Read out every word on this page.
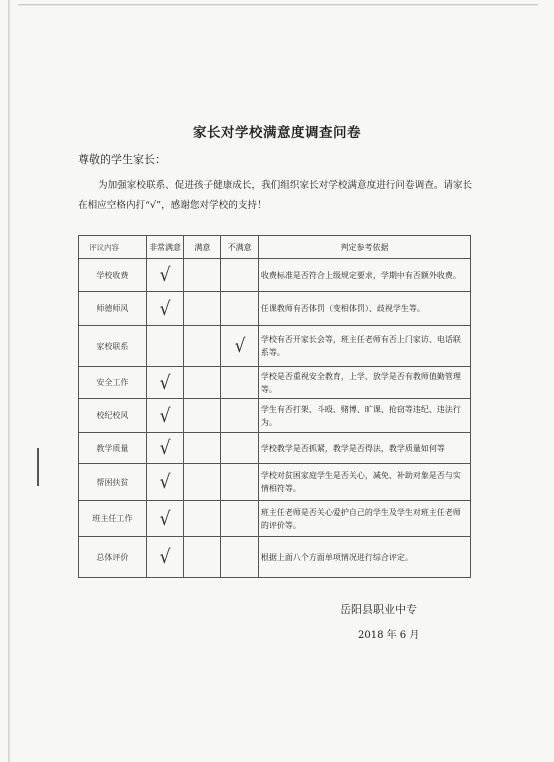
家长对学校满意度调查问卷
尊敬的学生家长：
为加强家校联系、促进孩子健康成长，我们组织家长对学校满意度进行问卷调查。请家长在相应空格内打“√”，感谢您对学校的支持！
评议内容	非常满意	满意	不满意	判定参考依据
学校收费	√			收费标准是否符合上级规定要求，学期中有否额外收费。
师德师风	√			任课教师有否体罚（变相体罚）、歧视学生等。
家校联系			√	学校有否开家长会等，班主任老师有否上门家访、电话联系等。
安全工作	√			学校是否重视安全教育，上学、放学是否有教师值勤管理等。
校纪校风	√			学生有否打架、斗殴、赌博、旷课、抢窃等违纪、违法行为。
教学质量	√			学校教学是否抓紧，教学是否得法，教学质量如何等
帮困扶贫	√			学校对贫困家庭学生是否关心，减免、补助对象是否与实情相符等。
班主任工作	√			班主任老师是否关心爱护自己的学生及学生对班主任老师的评价等。
总体评价	√			根据上面八个方面单项情况进行综合评定。
岳阳县职业中专
2018 年 6 月
